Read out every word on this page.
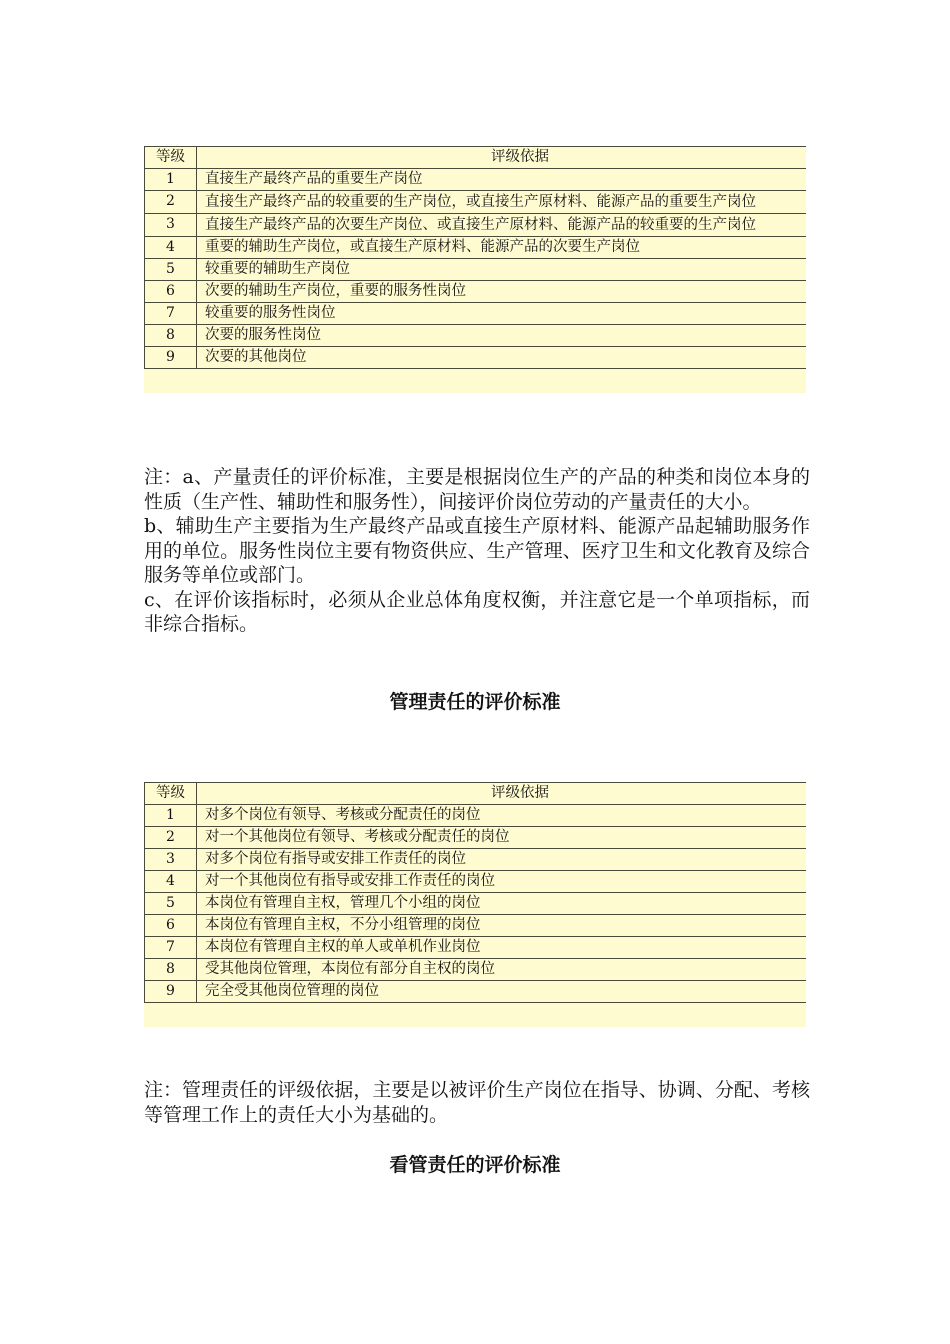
等级	评级依据
1	直接生产最终产品的重要生产岗位
2	直接生产最终产品的较重要的生产岗位，或直接生产原材料、能源产品的重要生产岗位
3	直接生产最终产品的次要生产岗位、或直接生产原材料、能源产品的较重要的生产岗位
4	重要的辅助生产岗位，或直接生产原材料、能源产品的次要生产岗位
5	较重要的辅助生产岗位
6	次要的辅助生产岗位，重要的服务性岗位
7	较重要的服务性岗位
8	次要的服务性岗位
9	次要的其他岗位

注：a、产量责任的评价标准，主要是根据岗位生产的产品的种类和岗位本身的性质（生产性、辅助性和服务性），间接评价岗位劳动的产量责任的大小。

b、辅助生产主要指为生产最终产品或直接生产原材料、能源产品起辅助服务作用的单位。服务性岗位主要有物资供应、生产管理、医疗卫生和文化教育及综合服务等单位或部门。

c、在评价该指标时，必须从企业总体角度权衡，并注意它是一个单项指标，而非综合指标。

管理责任的评价标准
等级	评级依据
1	对多个岗位有领导、考核或分配责任的岗位
2	对一个其他岗位有领导、考核或分配责任的岗位
3	对多个岗位有指导或安排工作责任的岗位
4	对一个其他岗位有指导或安排工作责任的岗位
5	本岗位有管理自主权，管理几个小组的岗位
6	本岗位有管理自主权，不分小组管理的岗位
7	本岗位有管理自主权的单人或单机作业岗位
8	受其他岗位管理，本岗位有部分自主权的岗位
9	完全受其他岗位管理的岗位

注：管理责任的评级依据，主要是以被评价生产岗位在指导、协调、分配、考核等管理工作上的责任大小为基础的。

看管责任的评价标准
